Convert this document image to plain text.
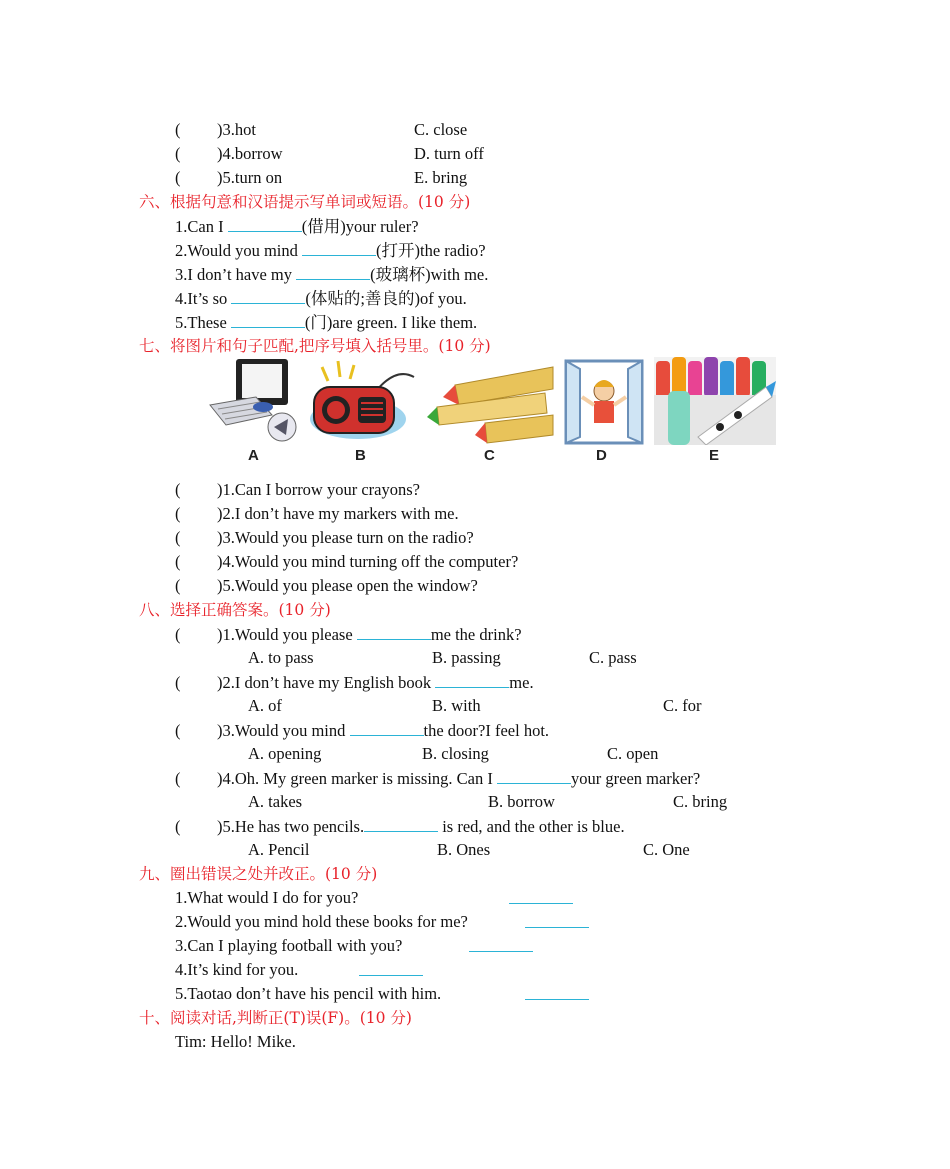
( )3.hot	C. close
( )4.borrow	D. turn off
( )5.turn on	E. bring
六、根据句意和汉语提示写单词或短语。(10 分)
1.Can I	(借用)your ruler?
2.Would you mind	(打开)the radio?
3.I don’t have my	(玻璃杯)with me.
4.It’s so	(体贴的;善良的)of you.
5.These	(门)are green. I like them.
七、将图片和句子匹配,把序号填入括号里。(10 分)
A	B	C	D	E
( )1.Can I borrow your crayons?
( )2.I don’t have my markers with me.
( )3.Would you please turn on the radio?
( )4.Would you mind turning off the computer?
( )5.Would you please open the window?
八、选择正确答案。(10 分)
( )1.Would you please	me the drink?
A. to pass	B. passing	C. pass
( )2.I don’t have my English book	me.
A. of	B. with	C. for
( )3.Would you mind	the door?I feel hot.
A. opening	B. closing	C. open
( )4.Oh. My green marker is missing. Can I	your green marker?
A. takes	B. borrow	C. bring
( )5.He has two pencils.	is red, and the other is blue.
A. Pencil	B. Ones	C. One
九、圈出错误之处并改正。(10 分)
1.What would I do for you?
2.Would you mind hold these books for me?
3.Can I playing football with you?
4.It’s kind for you.
5.Taotao don’t have his pencil with him.
十、阅读对话,判断正(T)误(F)。(10 分)
Tim: Hello! Mike.
